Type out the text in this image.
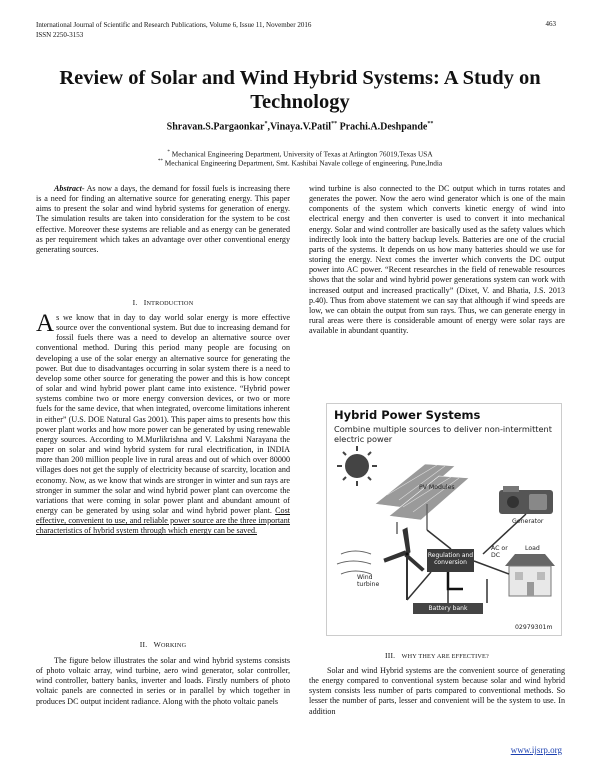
International Journal of Scientific and Research Publications, Volume 6, Issue 11, November 2016
ISSN 2250-3153
463
Review of Solar and Wind Hybrid Systems: A Study on Technology
Shravan.S.Pargaonkar*,Vinaya.V.Patil** Prachi.A.Deshpande**
* Mechanical Engineering Department, University of Texas at Arlington 76019,Texas USA
** Mechanical Engineering Department, Smt. Kashibai Navale college of engineering, Pune,India

Abstract- As now a days, the demand for fossil fuels is increasing there is a need for finding an alternative source for generating energy. This paper aims to present the solar and wind hybrid systems for generation of energy. The simulation results are taken into consideration for the system to be cost effective. Moreover these systems are reliable and as energy can be generated as per requirement which takes an advantage over other conventional energy generating sources.

I. INTRODUCTION

As we know that in day to day world solar energy is more effective source over the conventional system. But due to increasing demand for fossil fuels there was a need to develop an alternative source over conventional method. During this period many people are focusing on developing a use of the solar energy an alternative source for generating the power. But due to disadvantages occurring in solar system there is a need to develop some other source for generating the power and this is how concept of solar and wind hybrid power plant came into existence. “Hybrid power systems combine two or more energy conversion devices, or two or more fuels for the same device, that when integrated, overcome limitations inherent in either” (U.S. DOE Natural Gas 2001). This paper aims to presents how this power plant works and how more power can be generated by using renewable energy sources. According to M.Murlikrishna and V. Lakshmi Narayana the paper on solar and wind hybrid system for rural electrification, in INDIA more than 200 million people live in rural areas and out of which over 80000 villages does not get the supply of electricity because of scarcity, location and economy. Now, as we know that winds are stronger in winter and sun rays are stronger in summer the solar and wind hybrid power plant can overcome the variations that were coming in solar power plant and abundant amount of energy can be generated by using solar and wind hybrid power plant. Cost effective, convenient to use, and reliable power source are the three important characteristics of hybrid system through which energy can be saved.

II. WORKING

The figure below illustrates the solar and wind hybrid systems consists of photo voltaic array, wind turbine, aero wind generator, solar controller, wind controller, battery banks, inverter and loads. Firstly numbers of photo voltaic panels are connected in series or in parallel by which together in produces DC output incident radiance. Along with the photo voltaic panels

wind turbine is also connected to the DC output which in turns rotates and generates the power. Now the aero wind generator which is one of the main components of the system which converts kinetic energy of wind into electrical energy and then converter is used to convert it into mechanical energy. Solar and wind controller are basically used as the safety values which indirectly look into the battery backup levels. Batteries are one of the crucial parts of the systems. It depends on us how many batteries should we use for storing the energy. Next comes the inverter which converts the DC output power into AC power. “Recent researches in the field of renewable resources shows that the solar and wind hybrid power generations system can work with increased output and increased practically” (Dixet, V. and Bhatia, J.S. 2013 p.40). Thus from above statement we can say that although if wind speeds are low, we can obtain the output from sun rays. Thus, we can generate energy in rural areas were there is considerable amount of energy were solar rays are available in abundant quantity.

Hybrid Power Systems
Combine multiple sources to deliver non-intermittent electric power
PV Modules
Generator
Wind turbine
Regulation and conversion
AC or DC
Load
Battery bank
02979301m
III. WHY THEY ARE EFFECTIVE?

Solar and wind Hybrid systems are the convenient source of generating the energy compared to conventional system because solar and wind hybrid system consists less number of parts compared to conventional methods. So lesser the number of parts, lesser and convenient will be the system to use. In addition

www.ijsrp.org
